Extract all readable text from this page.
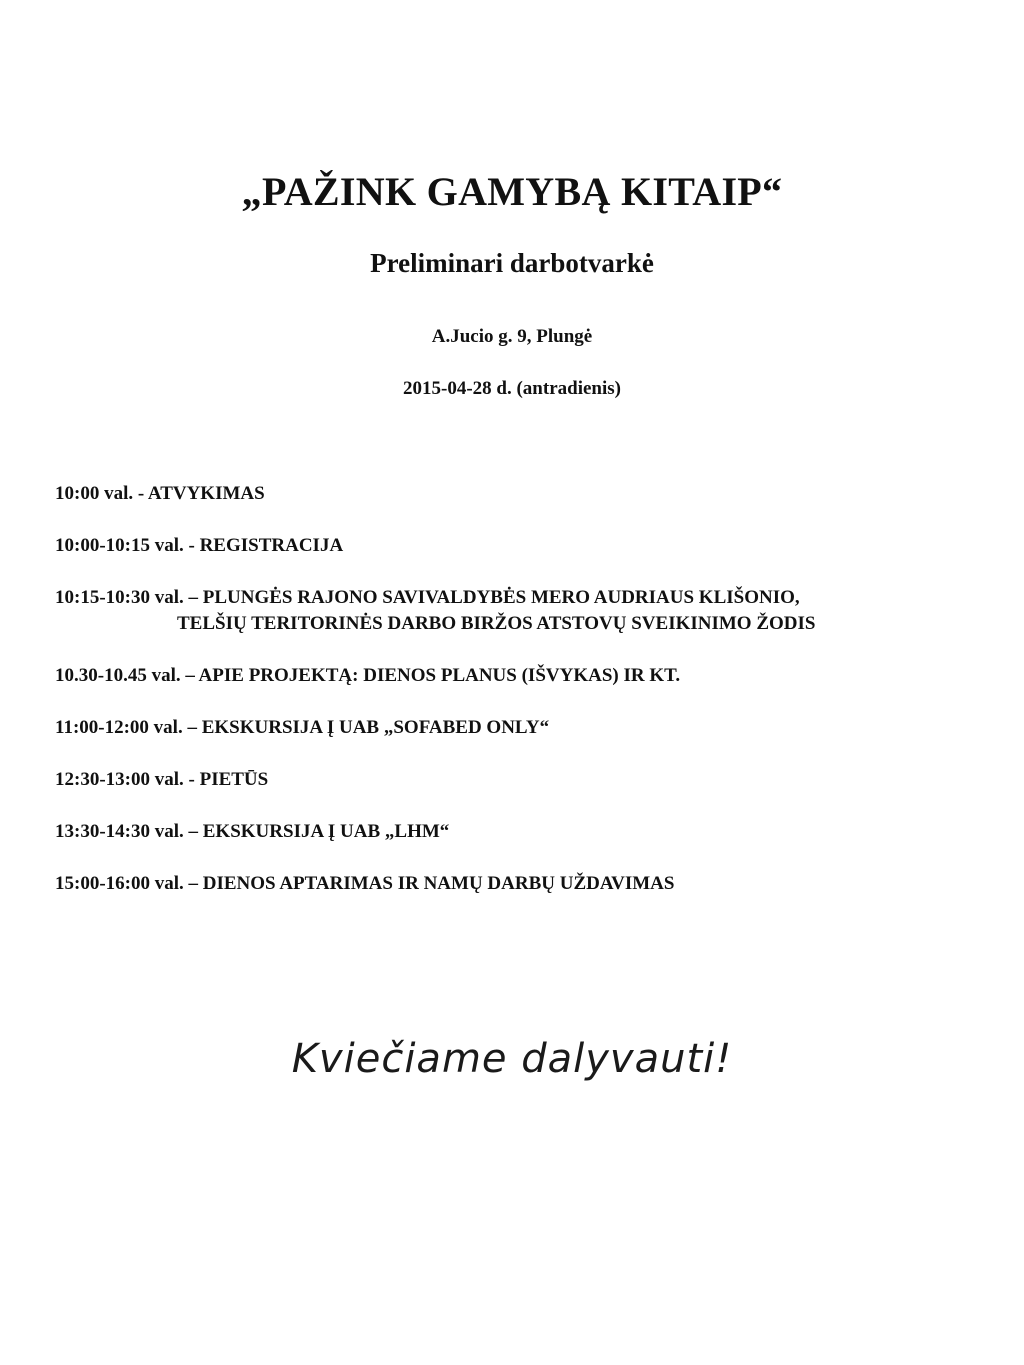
„PAŽINK GAMYBĄ KITAIP“
Preliminari darbotvarkė
A.Jucio g. 9, Plungė
2015-04-28 d. (antradienis)
10:00 val. - ATVYKIMAS
10:00-10:15 val. - REGISTRACIJA
10:15-10:30 val. – PLUNGĖS RAJONO SAVIVALDYBĖS MERO AUDRIAUS KLIŠONIO,
TELŠIŲ TERITORINĖS DARBO BIRŽOS ATSTOVŲ SVEIKINIMO ŽODIS
10.30-10.45 val. – APIE PROJEKTĄ: DIENOS PLANUS (IŠVYKAS) IR KT.
11:00-12:00 val. – EKSKURSIJA Į UAB „SOFABED ONLY“
12:30-13:00 val. - PIETŪS
13:30-14:30 val. – EKSKURSIJA Į UAB „LHM“
15:00-16:00 val. – DIENOS APTARIMAS IR NAMŲ DARBŲ UŽDAVIMAS
Kviečiame dalyvauti!
